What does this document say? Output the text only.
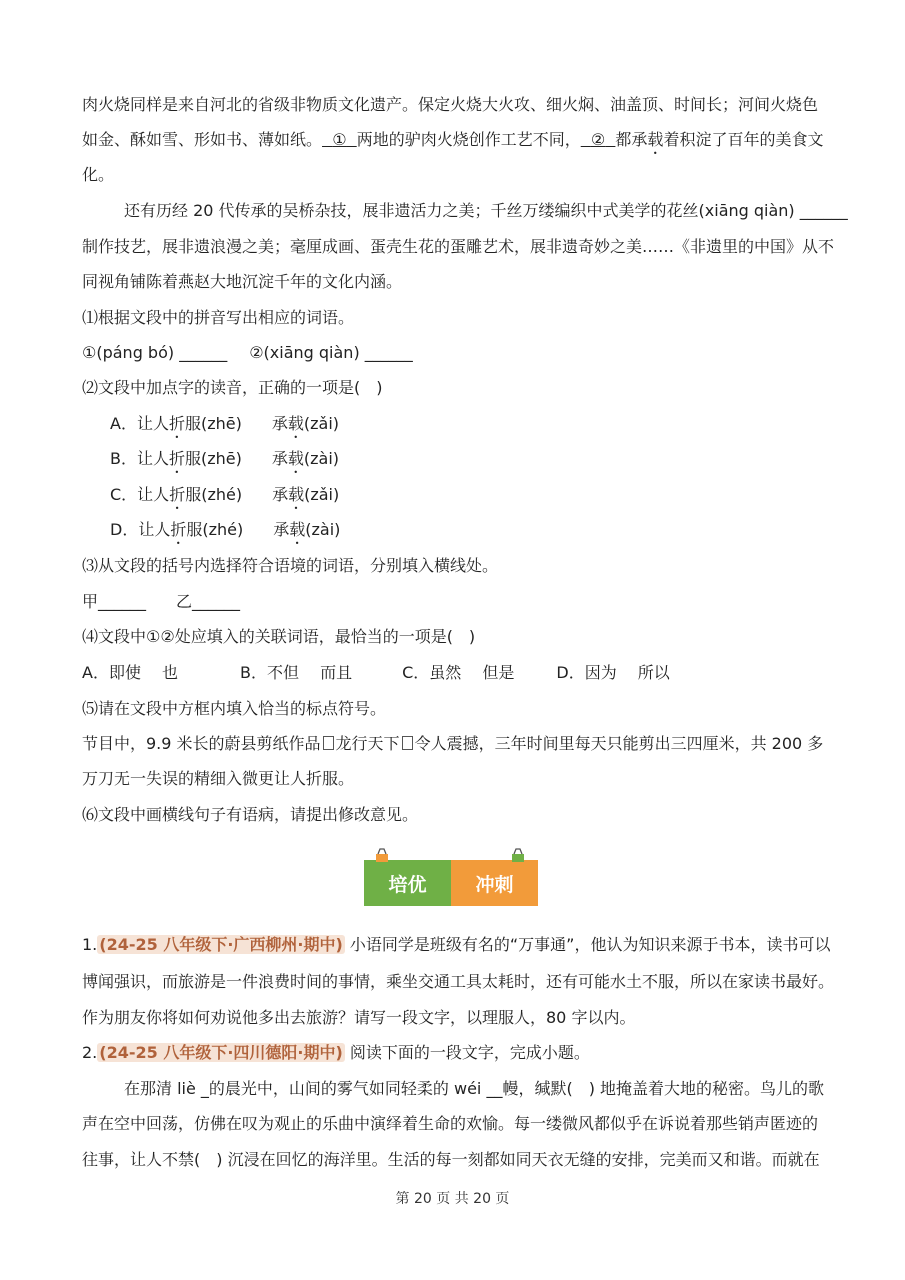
肉火烧同样是来自河北的省级非物质文化遗产。保定火烧大火攻、细火焖、油盖顶、时间长；河间火烧色
如金、酥如雪、形如书、薄如纸。 ① 两地的驴肉火烧创作工艺不同， ② 都承载着积淀了百年的美食文
化。
还有历经 20 代传承的吴桥杂技，展非遗活力之美；千丝万缕编织中式美学的花丝(xiāng qiàn) ______
制作技艺，展非遗浪漫之美；毫厘成画、蛋壳生花的蛋雕艺术，展非遗奇妙之美……《非遗里的中国》从不
同视角铺陈着燕赵大地沉淀千年的文化内涵。
⑴根据文段中的拼音写出相应的词语。
①(páng bó) ______ ②(xiāng qiàn) ______
⑵文段中加点字的读音，正确的一项是(　)
A．让人折服(zhē) 承载(zǎi)
B．让人折服(zhē) 承载(zài)
C．让人折服(zhé) 承载(zǎi)
D．让人折服(zhé) 承载(zài)
⑶从文段的括号内选择符合语境的词语，分别填入横线处。
甲______ 乙______
⑷文段中①②处应填入的关联词语，最恰当的一项是(　)
A．即使　 也	B．不但　 而且	C．虽然　 但是	D．因为　 所以
⑸请在文段中方框内填入恰当的标点符号。
节目中，9.9 米长的蔚县剪纸作品 龙行天下 令人震撼，三年时间里每天只能剪出三四厘米，共 200 多
万刀无一失误的精细入微更让人折服。
⑹文段中画横线句子有语病，请提出修改意见。
培优	冲刺
1. (24-25 八年级下·广西柳州·期中) 小语同学是班级有名的“万事通”，他认为知识来源于书本，读书可以
博闻强识，而旅游是一件浪费时间的事情，乘坐交通工具太耗时，还有可能水土不服，所以在家读书最好。
作为朋友你将如何劝说他多出去旅游？请写一段文字，以理服人，80 字以内。
2. (24-25 八年级下·四川德阳·期中) 阅读下面的一段文字，完成小题。
在那清 liè _的晨光中，山间的雾气如同轻柔的 wéi __幔，缄默(　) 地掩盖着大地的秘密。鸟儿的歌
声在空中回荡，仿佛在叹为观止的乐曲中演绎着生命的欢愉。每一缕微风都似乎在诉说着那些销声匿迹的
往事，让人不禁(　) 沉浸在回忆的海洋里。生活的每一刻都如同天衣无缝的安排，完美而又和谐。而就在
第 20 页 共 20 页
